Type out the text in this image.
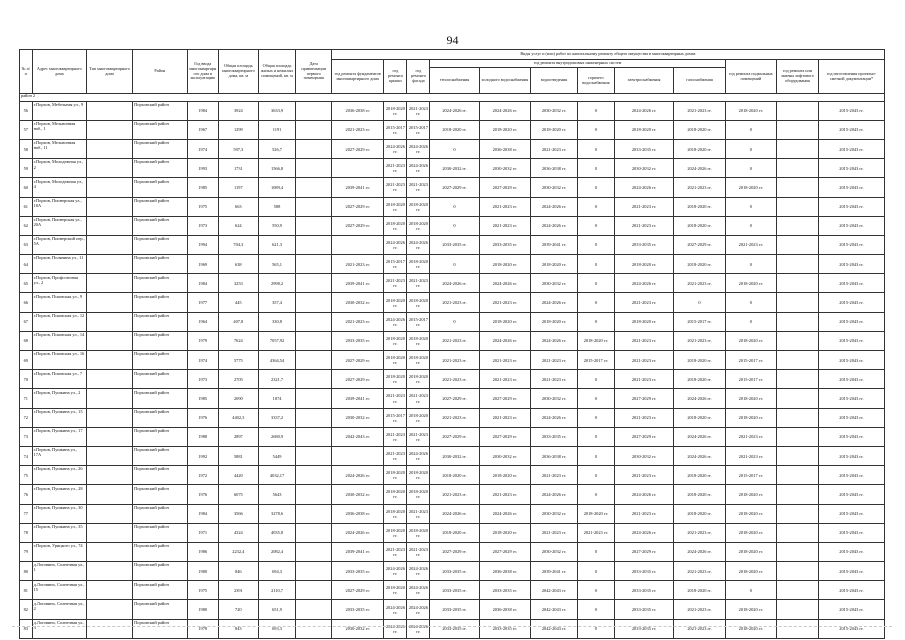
94
№ п/п	Адрес многоквартирного дома	Тип многоквартирного дома	Район	Год ввода многоквартирного дома в эксплуатацию	Общая площадь многоквартирного дома, кв. м	Общая площадь жилых и нежилых помещений, кв. м	Дата приватизации первого помещения	Виды услуг и (или) работ по капитальному ремонту общего имущества в многоквартирных домах											
								год ремонта фундаментов многоквартирного дома	год ремонта крыши	год ремонта фасада	год ремонта внутридомовых инженерных систем						год ремонта подвальных помещений	год ремонта или замены лифтового оборудования	год изготовления проектно-сметной документации*
											теплоснабжения	холодного водоснабжения	водоотведения	горячего водоснабжения	электроснабжения	газоснабжения			
район 2																			
56	г.Порхов, Мебельная ул., 9		Порховский район	1984	3924	3633,9		2036-2038 гг.	2018-2020 гг.	2021-2023 гг.	2024-2026 гг.	2024-2026 гг.	2030-2032 гг.	0	2024-2026 гг.	2021-2023 гг.	2018-2020 гг.		2015-2043 гг.
57	г.Порхов, Мельничная наб., 1		Порховский район	1967	1299	1191		2021-2023 гг.	2015-2017 гг.	2015-2017 гг.	2018-2020 гг.	2018-2020 гг.	2018-2020 гг.	0	2018-2020 гг.	2018-2020 гг.	0		2015-2043 гг.
58	г.Порхов, Мельничная наб., 11		Порховский район	1974	597,3	526,7		2027-2029 гг.	2024-2026 гг.	2024-2026 гг.	0	2036-2038 гг.	2021-2023 гг.	0	2033-2035 гг.	2018-2020 гг.	0		2015-2043 гг.
59	г.Порхов, Молодежная ул., 2		Порховский район	1993	1731	1566,8			2021-2023 гг.	2024-2026 гг.	2030-2032 гг.	2030-2032 гг.	2036-2038 гг.	0	2030-2032 гг.	2024-2026 гг.	0		2015-2043 гг.
60	г.Порхов, Молодежная ул., 4		Порховский район	1985	1197	1089,4		2039-2041 гг.	2021-2023 гг.	2021-2023 гг.	2027-2029 гг.	2027-2029 гг.	2030-2032 гг.	0	2024-2026 гг.	2021-2023 гг.	2018-2020 гг.		2015-2043 гг.
61	г.Порхов, Пионерская ул., 18А		Порховский район	1975	663	588		2027-2029 гг.	2018-2020 гг.	2018-2020 гг.	0	2021-2023 гг.	2024-2026 гг.	0	2021-2023 гг.	2018-2020 гг.	0		2015-2043 гг.
62	г.Порхов, Пионерская ул., 20А		Порховский район	1973	624	550,9		2027-2029 гг.	2018-2020 гг.	2018-2020 гг.	0	2021-2023 гг.	2024-2026 гг.	0	2021-2023 гг.	2018-2020 гг.	0		2015-2043 гг.
63	г.Порхов, Пионерский пер., 5А		Порховский район	1994	704,3	621,3			2024-2026 гг.	2024-2026 гг.	2033-2035 гг.	2033-2035 гг.	2039-2041 гг.	0	2033-2035 гг.	2027-2029 гг.	2021-2023 гг.		2015-2043 гг.
64	г.Порхов, Полянина ул., 11		Порховский район	1969	638	565,1		2021-2023 гг.	2015-2017 гг.	2018-2020 гг.	0	2018-2020 гг.	2018-2020 гг.	0	2018-2020 гг.	2018-2020 гг.	0		2015-2043 гг.
65	г.Порхов, Профсоюзная ул., 2		Порховский район	1984	3253	2998,2		2039-2041 гг.	2021-2023 гг.	2021-2023 гг.	2024-2026 гг.	2024-2026 гг.	2030-2032 гг.	0	2024-2026 гг.	2021-2023 гг.	2018-2020 гг.		2015-2043 гг.
66	г.Порхов, Псковская ул., 9		Порховский район	1977	445	357,4		2030-2032 гг.	2018-2020 гг.	2018-2020 гг.	2021-2023 гг.	2021-2023 гг.	2024-2026 гг.	0	2021-2023 гг.	0	0		2015-2043 гг.
67	г.Порхов, Псковская ул., 12		Порховский район	1964	407,8	330,8		2021-2023 гг.	2024-2026 гг.	2015-2017 гг.	0	2018-2020 гг.	2018-2020 гг.	0	2018-2020 гг.	2015-2017 гг.	0		2015-2043 гг.
68	г.Порхов, Псковская ул., 14		Порховский район	1979	7624	7057,92		2033-2035 гг.	2018-2020 гг.	2018-2020 гг.	2021-2023 гг.	2024-2026 гг.	2024-2026 гг.	2018-2020 гг.	2021-2023 гг.	2021-2023 гг.	2018-2020 гг.		2015-2043 гг.
69	г.Порхов, Псковская ул., 16		Порховский район	1974	5775	4364,54		2027-2029 гг.	2018-2020 гг.	2018-2020 гг.	2021-2023 гг.	2021-2023 гг.	2021-2023 гг.	2015-2017 гг.	2021-2023 гг.	2018-2020 гг.	2015-2017 гг.		2015-2043 гг.
70	г.Порхов, Псковская ул., 7		Порховский район	1973	2705	2321,7		2027-2029 гг.	2018-2020 гг.	2018-2020 гг.	2021-2023 гг.	2021-2023 гг.	2021-2023 гг.	0	2021-2023 гг.	2018-2020 гг.	2015-2017 гг.		2015-2043 гг.
71	г.Порхов, Пушкина ул., 2		Порховский район	1985	2090	1874		2039-2041 гг.	2021-2023 гг.	2021-2023 гг.	2027-2029 гг.	2027-2029 гг.	2030-2032 гг.	0	2027-2029 гг.	2024-2026 гг.	2018-2020 гг.		2015-2043 гг.
72	г.Порхов, Пушкина ул., 15		Порховский район	1976	4402,3	3337,2		2030-2032 гг.	2015-2017 гг.	2018-2020 гг.	2021-2023 гг.	2021-2023 гг.	2024-2026 гг.	0	2021-2023 гг.	2018-2020 гг.	2018-2020 гг.		2015-2043 гг.
73	г.Порхов, Пушкина ул., 17		Порховский район	1988	2897	2680,9		2042-2043 гг.	2021-2023 гг.	2021-2023 гг.	2027-2029 гг.	2027-2029 гг.	2033-2035 гг.	0	2027-2029 гг.	2024-2026 гг.	2021-2023 гг.		2015-2043 гг.
74	г.Порхов, Пушкина ул., 17А		Порховский район	1992	5881	5449			2021-2023 гг.	2024-2026 гг.	2030-2032 гг.	2030-2032 гг.	2036-2038 гг.	0	2030-2032 гг.	2024-2026 гг.	2021-2023 гг.		2015-2043 гг.
75	г.Порхов, Пушкина ул., 26		Порховский район	1972	4420	4032,17		2024-2026 гг.	2018-2020 гг.	2018-2020 гг.	2018-2020 гг.	2018-2020 гг.	2021-2023 гг.	0	2021-2023 гг.	2018-2020 гг.	2015-2017 гг.		2015-2043 гг.
76	г.Порхов, Пушкина ул., 28		Порховский район	1976	6075	5643		2030-2032 гг.	2018-2020 гг.	2018-2020 гг.	2021-2023 гг.	2021-2023 гг.	2024-2026 гг.	0	2024-2026 гг.	2018-2020 гг.	2018-2020 гг.		2015-2043 гг.
77	г.Порхов, Пушкина ул., 30		Порховский район	1984	3566	3278,6		2036-2038 гг.	2018-2020 гг.	2021-2023 гг.	2024-2026 гг.	2024-2026 гг.	2030-2032 гг.	2018-2020 гг.	2021-2023 гг.	2018-2020 гг.	2018-2020 гг.		2015-2043 гг.
78	г.Порхов, Пушкина ул., 35		Порховский район	1971	4324	4035,8		2024-2026 гг.	2018-2020 гг.	2018-2020 гг.	2018-2020 гг.	2018-2020 гг.	2021-2023 гг.	2021-2023 гг.	2024-2026 гг.	2021-2023 гг.	2018-2020 гг.		2015-2043 гг.
79	г.Порхов, Урицкого ул., 74		Порховский район	1986	2232,4	2082,4		2039-2041 гг.	2021-2023 гг.	2021-2023 гг.	2027-2029 гг.	2027-2029 гг.	2030-2032 гг.	0	2027-2029 гг.	2024-2026 гг.	2018-2020 гг.		2015-2043 гг.
80	д.Логовино, Солнечная ул., 1		Порховский район	1980	846	694,3		2033-2035 гг.	2024-2026 гг.	2024-2026 гг.	2033-2035 гг.	2036-2038 гг.	2039-2041 гг.	0	2033-2035 гг.	2021-2023 гг.	2018-2020 гг.		2015-2043 гг.
81	д.Логовино, Солнечная ул., 15		Порховский район	1975	2391	2110,7		2027-2029 гг.	2018-2020 гг.	2024-2026 гг.	2033-2035 гг.	2033-2035 гг.	2042-2043 гг.	0	2033-2035 гг.	2018-2020 гг.	0		2015-2043 гг.
82	д.Логовино, Солнечная ул., 2		Порховский район	1980	720	651,9		2033-2035 гг.	2024-2026 гг.	2024-2026 гг.	2033-2035 гг.	2036-2038 гг.	2042-2043 гг.	0	2033-2035 гг.	2021-2023 гг.	2018-2020 гг.		2015-2043 гг.
83	д.Логовино, Солнечная ул., 3		Порховский район	1978	843	693,3		2030-2032 гг.	2024-2026 гг.	2024-2026 гг.	2033-2035 гг.	2033-2035 гг.	2042-2043 гг.	0	2033-2035 гг.	2021-2023 гг.	2018-2020 гг.		2015-2043 гг.
